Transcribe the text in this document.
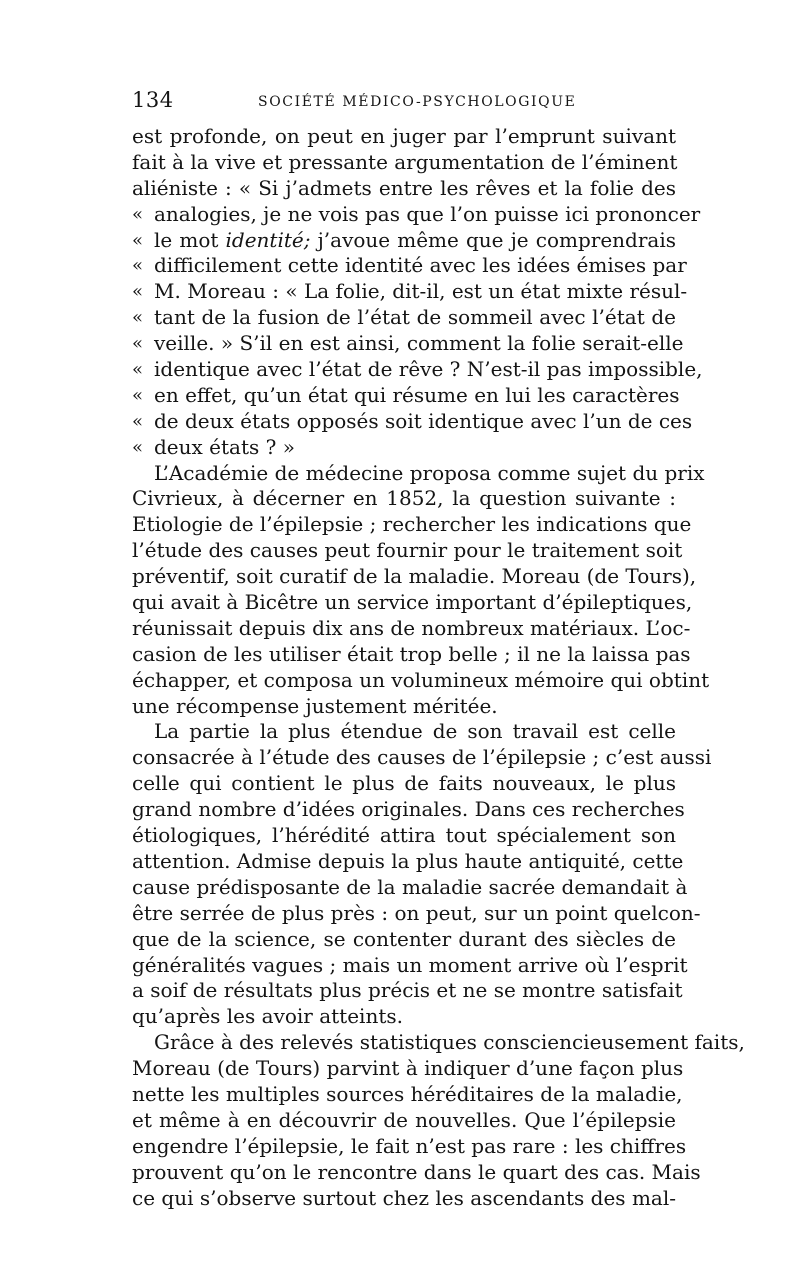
134	SOCIÉTÉ MÉDICO-PSYCHOLOGIQUE
est profonde, on peut en juger par l’emprunt suivant
fait à la vive et pressante argumentation de l’éminent
aliéniste : « Si j’admets entre les rêves et la folie des
« analogies, je ne vois pas que l’on puisse ici prononcer
« le mot identité; j’avoue même que je comprendrais
« difficilement cette identité avec les idées émises par
« M. Moreau : « La folie, dit-il, est un état mixte résul-
« tant de la fusion de l’état de sommeil avec l’état de
« veille. » S’il en est ainsi, comment la folie serait-elle
« identique avec l’état de rêve ? N’est-il pas impossible,
« en effet, qu’un état qui résume en lui les caractères
« de deux états opposés soit identique avec l’un de ces
« deux états ? »
L’Académie de médecine proposa comme sujet du prix
Civrieux, à décerner en 1852, la question suivante :
Etiologie de l’épilepsie ; rechercher les indications que
l’étude des causes peut fournir pour le traitement soit
préventif, soit curatif de la maladie. Moreau (de Tours),
qui avait à Bicêtre un service important d’épileptiques,
réunissait depuis dix ans de nombreux matériaux. L’oc-
casion de les utiliser était trop belle ; il ne la laissa pas
échapper, et composa un volumineux mémoire qui obtint
une récompense justement méritée.
La partie la plus étendue de son travail est celle
consacrée à l’étude des causes de l’épilepsie ; c’est aussi
celle qui contient le plus de faits nouveaux, le plus
grand nombre d’idées originales. Dans ces recherches
étiologiques, l’hérédité attira tout spécialement son
attention. Admise depuis la plus haute antiquité, cette
cause prédisposante de la maladie sacrée demandait à
être serrée de plus près : on peut, sur un point quelcon-
que de la science, se contenter durant des siècles de
généralités vagues ; mais un moment arrive où l’esprit
a soif de résultats plus précis et ne se montre satisfait
qu’après les avoir atteints.
Grâce à des relevés statistiques consciencieusement faits,
Moreau (de Tours) parvint à indiquer d’une façon plus
nette les multiples sources héréditaires de la maladie,
et même à en découvrir de nouvelles. Que l’épilepsie
engendre l’épilepsie, le fait n’est pas rare : les chiffres
prouvent qu’on le rencontre dans le quart des cas. Mais
ce qui s’observe surtout chez les ascendants des mal-
